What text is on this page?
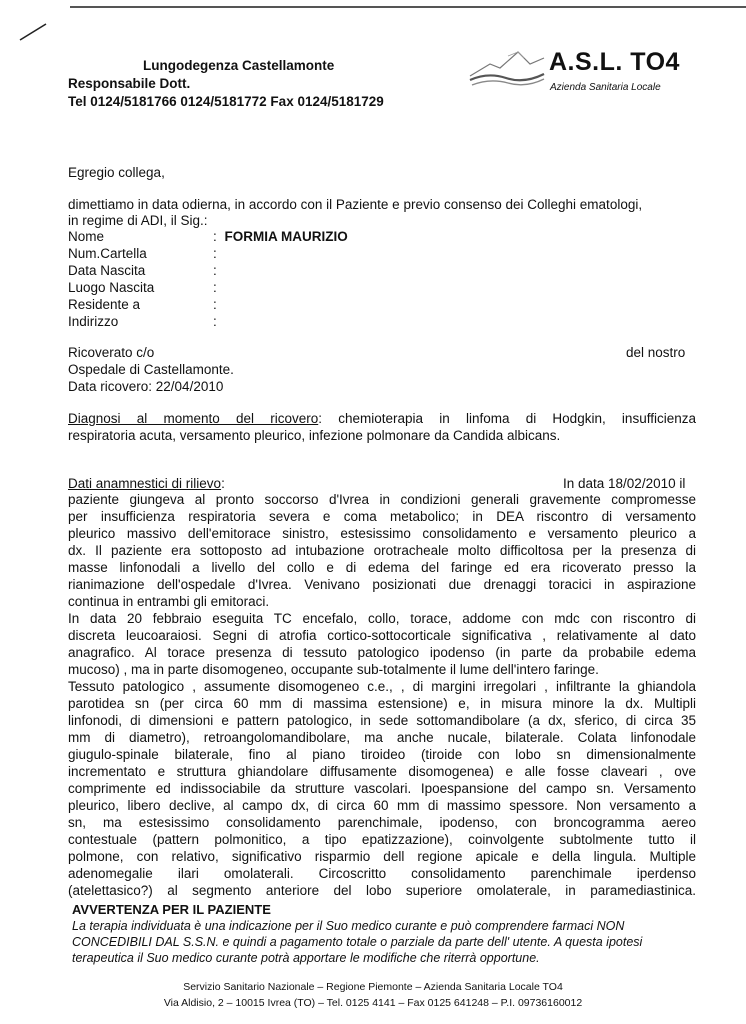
Lungodegenza Castellamonte
Responsabile Dott.
Tel 0124/5181766 0124/5181772 Fax 0124/5181729
A.S.L. TO4
Azienda Sanitaria Locale
Egregio collega,
dimettiamo in data odierna, in accordo con il Paziente e previo consenso dei Colleghi ematologi,
in regime di ADI, il Sig.:
Nome	: FORMIA MAURIZIO
Num.Cartella	:
Data Nascita	:
Luogo Nascita	:
Residente a	:
Indirizzo	:
Ricoverato c/o	del nostro
Ospedale di Castellamonte.
Data ricovero: 22/04/2010
Diagnosi al momento del ricovero: chemioterapia in linfoma di Hodgkin, insufficienza
respiratoria acuta, versamento pleurico, infezione polmonare da Candida albicans.
Dati anamnestici di rilievo:	In data 18/02/2010 il
paziente giungeva al pronto soccorso d'Ivrea in condizioni generali gravemente compromesse
per insufficienza respiratoria severa e coma metabolico; in DEA riscontro di versamento
pleurico massivo dell'emitorace sinistro, estesissimo consolidamento e versamento pleurico a
dx. Il paziente era sottoposto ad intubazione orotracheale molto difficoltosa per la presenza di
masse linfonodali a livello del collo e di edema del faringe ed era ricoverato presso la
rianimazione dell'ospedale d'Ivrea. Venivano posizionati due drenaggi toracici in aspirazione
continua in entrambi gli emitoraci.
In data 20 febbraio eseguita TC encefalo, collo, torace, addome con mdc con riscontro di
discreta leucoaraiosi. Segni di atrofia cortico-sottocorticale significativa , relativamente al dato
anagrafico. Al torace presenza di tessuto patologico ipodenso (in parte da probabile edema
mucoso) , ma in parte disomogeneo, occupante sub-totalmente il lume dell'intero faringe.
Tessuto patologico , assumente disomogeneo c.e., , di margini irregolari , infiltrante la ghiandola
parotidea sn (per circa 60 mm di massima estensione) e, in misura minore la dx. Multipli
linfonodi, di dimensioni e pattern patologico, in sede sottomandibolare (a dx, sferico, di circa 35
mm di diametro), retroangolomandibolare, ma anche nucale, bilaterale. Colata linfonodale
giugulo-spinale bilaterale, fino al piano tiroideo (tiroide con lobo sn dimensionalmente
incrementato e struttura ghiandolare diffusamente disomogenea) e alle fosse claveari , ove
comprimente ed indissociabile da strutture vascolari. Ipoespansione del campo sn. Versamento
pleurico, libero declive, al campo dx, di circa 60 mm di massimo spessore. Non versamento a
sn, ma estesissimo consolidamento parenchimale, ipodenso, con broncogramma aereo
contestuale (pattern polmonitico, a tipo epatizzazione), coinvolgente subtolmente tutto il
polmone, con relativo, significativo risparmio dell regione apicale e della lingula. Multiple
adenomegalie ilari omolaterali. Circoscritto consolidamento parenchimale iperdenso
(atelettasico?) al segmento anteriore del lobo superiore omolaterale, in paramediastinica.
AVVERTENZA PER IL PAZIENTE
La terapia individuata è una indicazione per il Suo medico curante e può comprendere farmaci NON
CONCEDIBILI DAL S.S.N. e quindi a pagamento totale o parziale da parte dell' utente. A questa ipotesi
terapeutica il Suo medico curante potrà apportare le modifiche che riterrà opportune.
Servizio Sanitario Nazionale – Regione Piemonte – Azienda Sanitaria Locale TO4
Via Aldisio, 2 – 10015 Ivrea (TO) – Tel. 0125 4141 – Fax 0125 641248 – P.I. 09736160012
